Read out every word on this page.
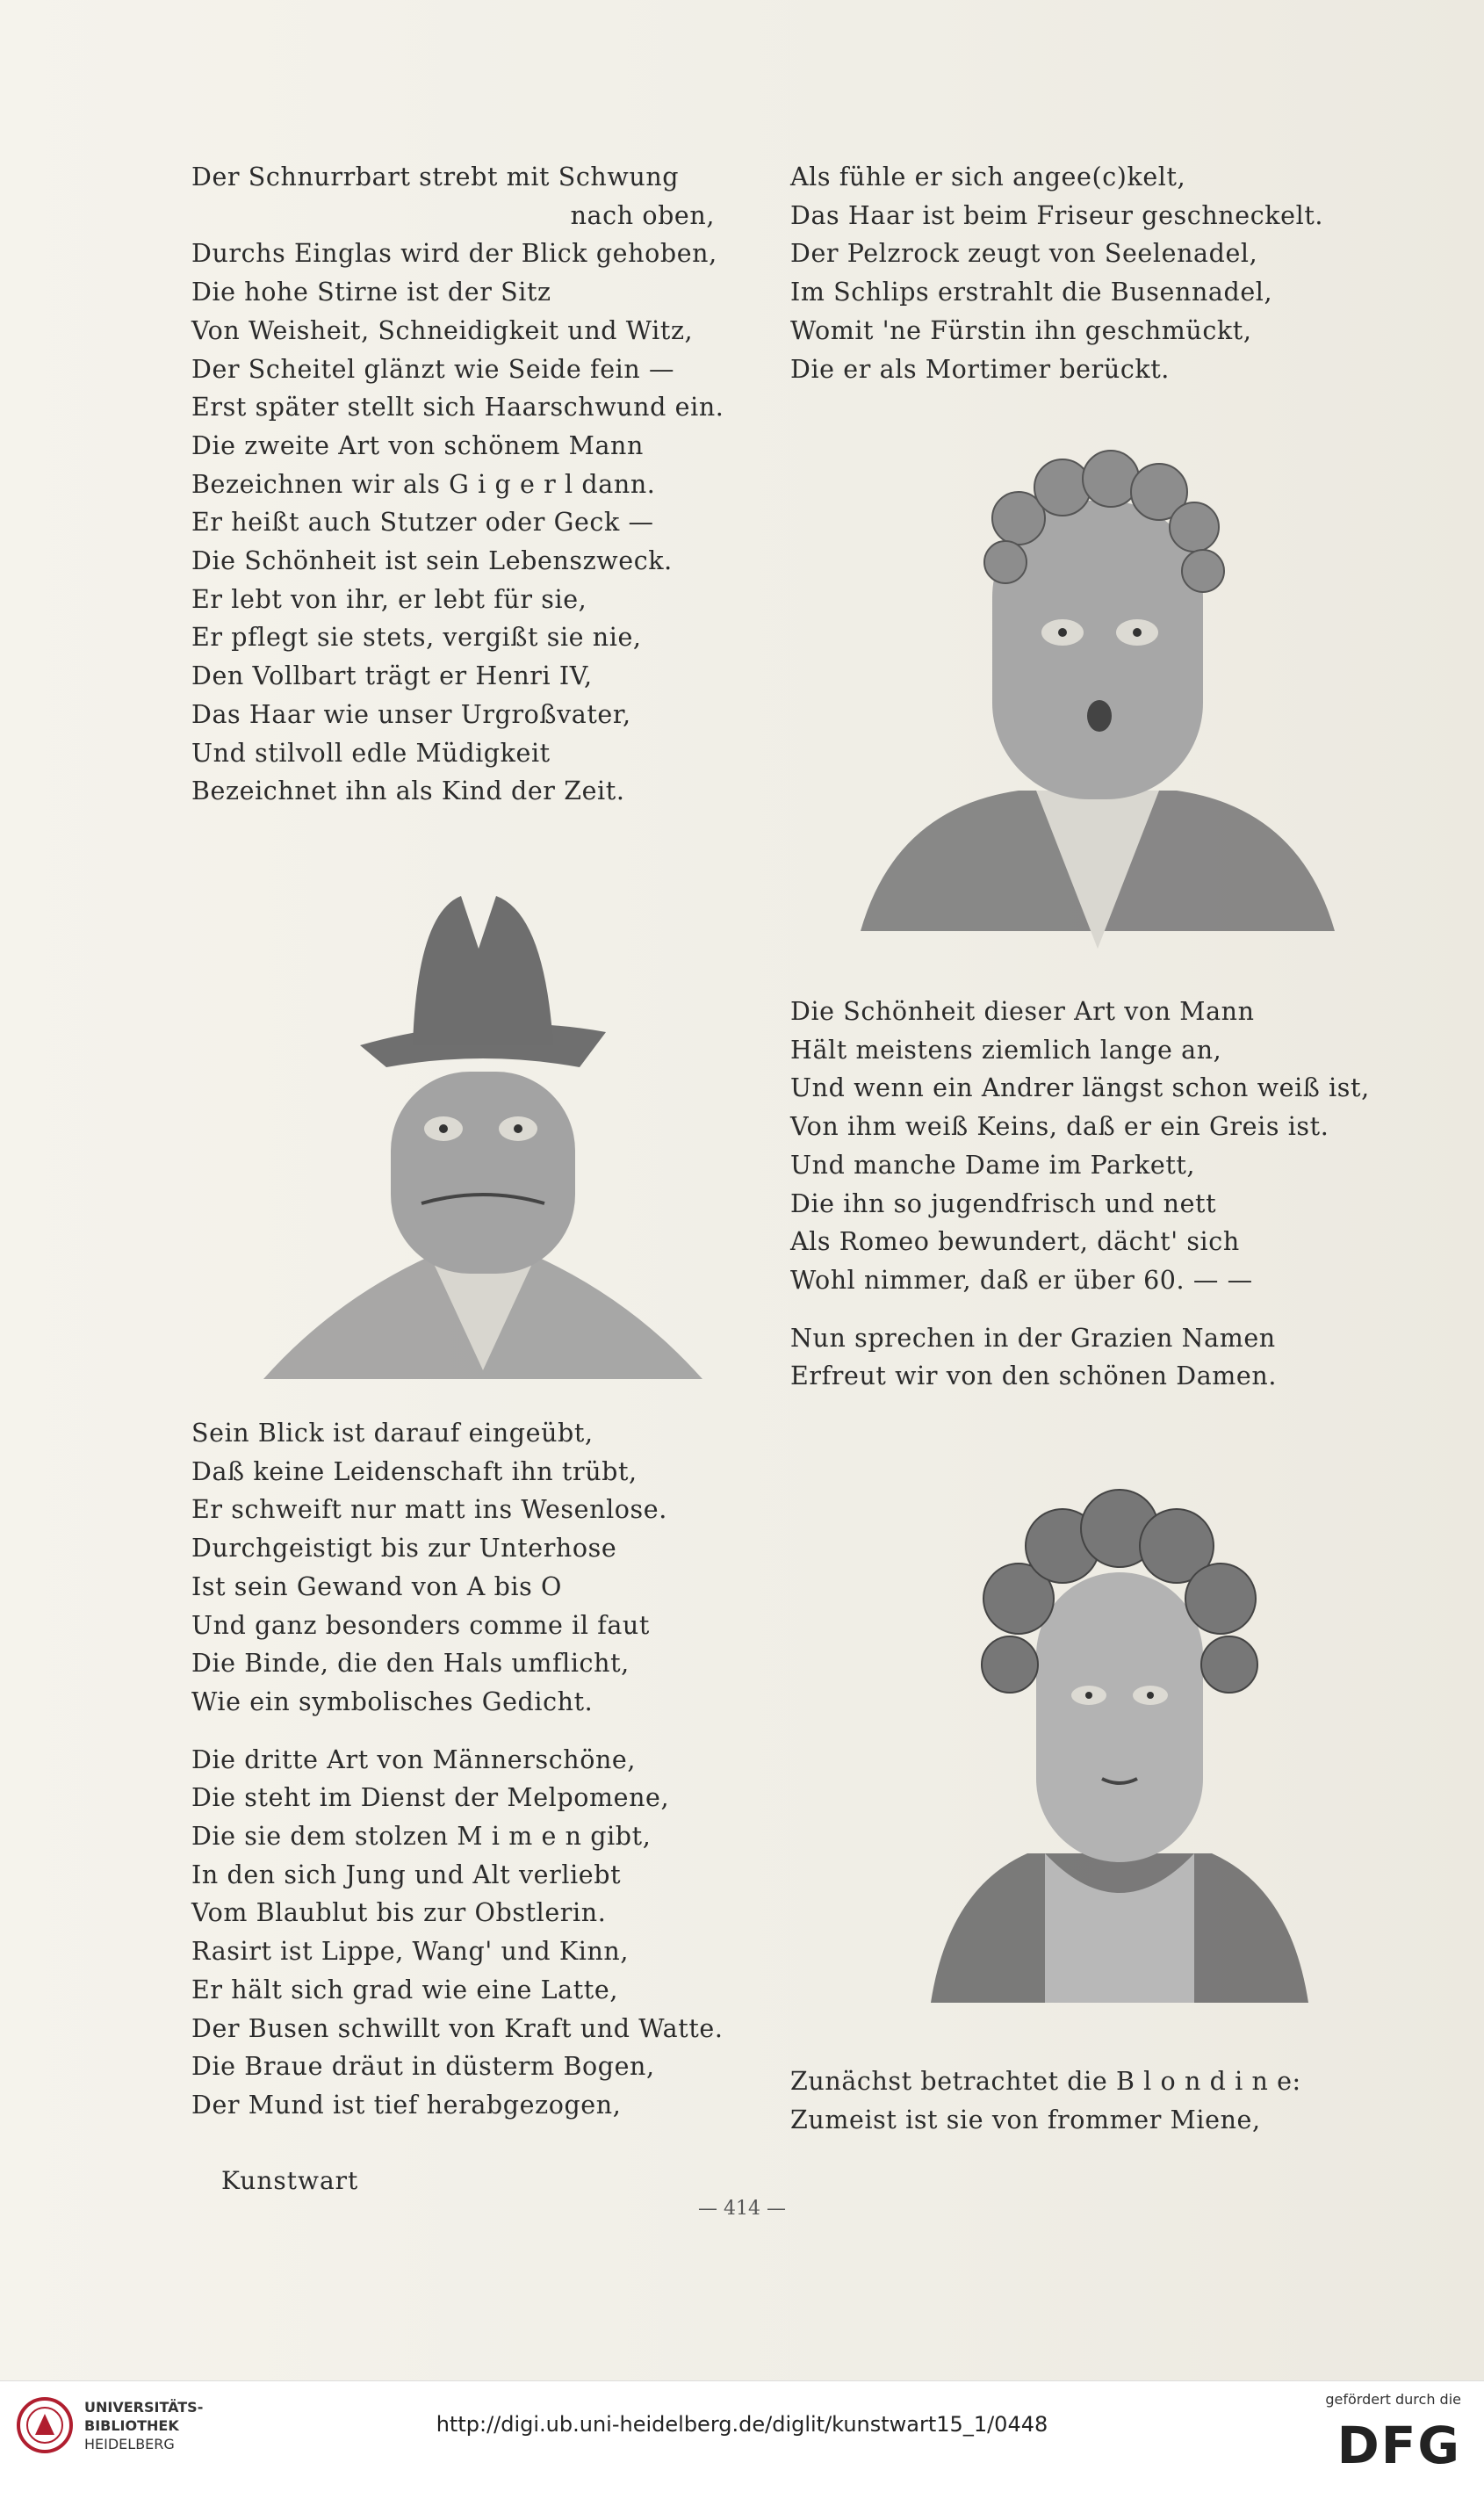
Der Schnurrbart strebt mit Schwung
nach oben,
Durchs Einglas wird der Blick gehoben,
Die hohe Stirne ist der Sitz
Von Weisheit, Schneidigkeit und Witz,
Der Scheitel glänzt wie Seide fein —
Erst später stellt sich Haarschwund ein.
Die zweite Art von schönem Mann
Bezeichnen wir als G i g e r l dann.
Er heißt auch Stutzer oder Geck —
Die Schönheit ist sein Lebenszweck.
Er lebt von ihr, er lebt für sie,
Er pflegt sie stets, vergißt sie nie,
Den Vollbart trägt er Henri IV,
Das Haar wie unser Urgroßvater,
Und stilvoll edle Müdigkeit
Bezeichnet ihn als Kind der Zeit.
Als fühle er sich angee(c)kelt,
Das Haar ist beim Friseur geschneckelt.
Der Pelzrock zeugt von Seelenadel,
Im Schlips erstrahlt die Busennadel,
Womit 'ne Fürstin ihn geschmückt,
Die er als Mortimer berückt.
Die Schönheit dieser Art von Mann
Hält meistens ziemlich lange an,
Und wenn ein Andrer längst schon weiß ist,
Von ihm weiß Keins, daß er ein Greis ist.
Und manche Dame im Parkett,
Die ihn so jugendfrisch und nett
Als Romeo bewundert, dächt' sich
Wohl nimmer, daß er über 60. — —
Nun sprechen in der Grazien Namen
Erfreut wir von den schönen Damen.
Sein Blick ist darauf eingeübt,
Daß keine Leidenschaft ihn trübt,
Er schweift nur matt ins Wesenlose.
Durchgeistigt bis zur Unterhose
Ist sein Gewand von A bis O
Und ganz besonders comme il faut
Die Binde, die den Hals umflicht,
Wie ein symbolisches Gedicht.
Die dritte Art von Männerschöne,
Die steht im Dienst der Melpomene,
Die sie dem stolzen M i m e n gibt,
In den sich Jung und Alt verliebt
Vom Blaublut bis zur Obstlerin.
Rasirt ist Lippe, Wang' und Kinn,
Er hält sich grad wie eine Latte,
Der Busen schwillt von Kraft und Watte.
Die Braue dräut in düsterm Bogen,
Der Mund ist tief herabgezogen,
Zunächst betrachtet die B l o n d i n e:
Zumeist ist sie von frommer Miene,
Kunstwart
— 414 —
UNIVERSITÄTS-
BIBLIOTHEK
HEIDELBERG
http://digi.ub.uni-heidelberg.de/diglit/kunstwart15_1/0448
gefördert durch die
DFG
